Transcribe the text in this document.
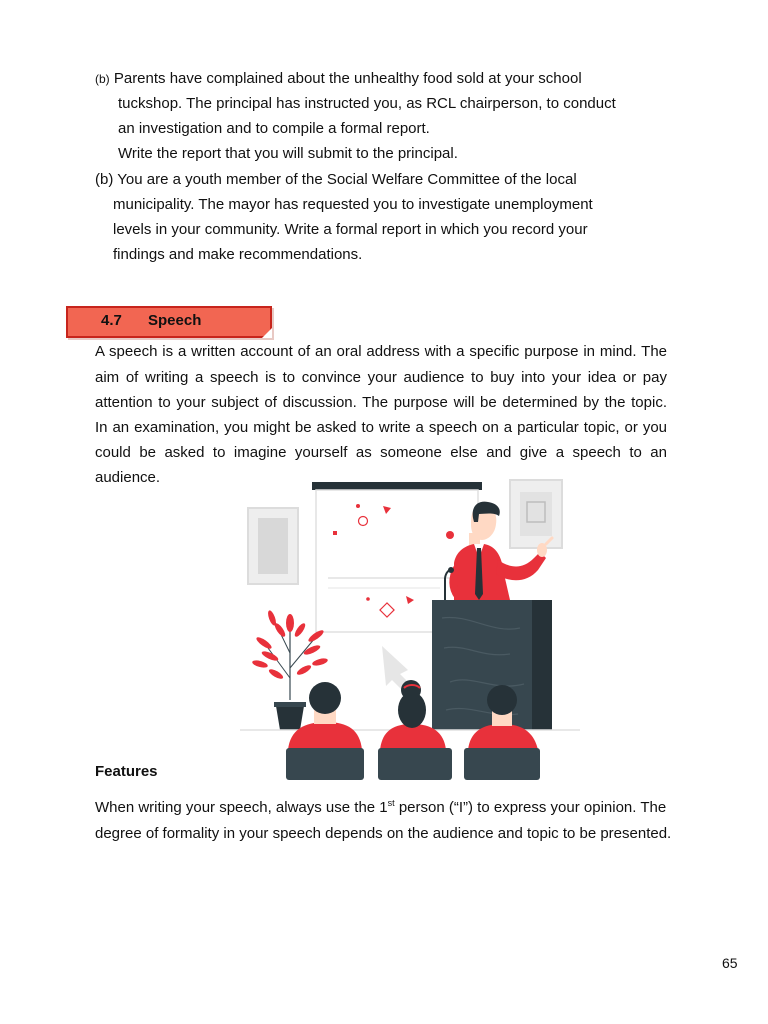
(b) Parents have complained about the unhealthy food sold at your school
tuckshop. The principal has instructed you, as RCL chairperson, to conduct
an investigation and to compile a formal report.
Write the report that you will submit to the principal.
(b) You are a youth member of the Social Welfare Committee of the local
municipality. The mayor has requested you to investigate unemployment
levels in your community. Write a formal report in which you record your
findings and make recommendations.
4.7 Speech
A speech is a written account of an oral address with a specific purpose in mind. The
aim of writing a speech is to convince your audience to buy into your idea or pay
attention to your subject of discussion. The purpose will be determined by the topic.
In an examination, you might be asked to write a speech on a particular topic, or you
could be asked to imagine yourself as someone else and give a speech to an
audience.
Features
When writing your speech, always use the 1st person (“I”) to express your opinion. The
degree of formality in your speech depends on the audience and topic to be presented.
65
